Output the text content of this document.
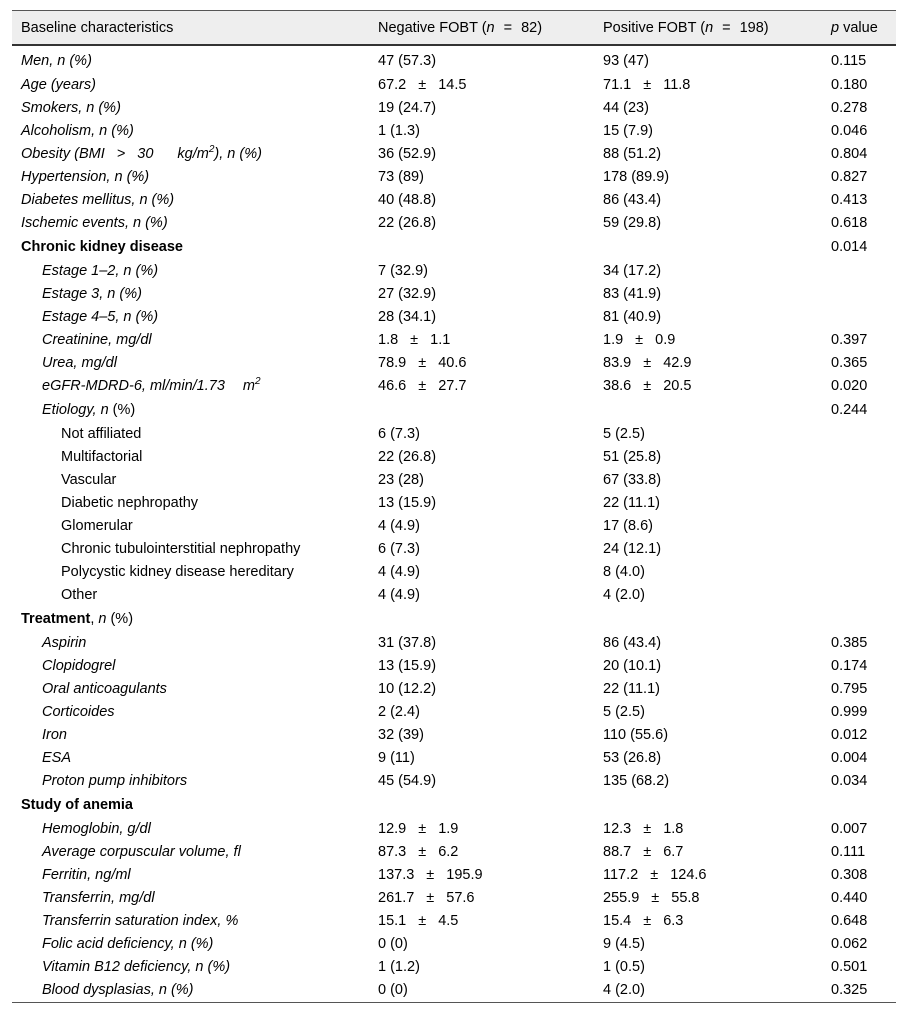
Baseline characteristics	Negative FOBT (n = 82)	Positive FOBT (n = 198)	p value
Men, n (%)	47 (57.3)	93 (47)	0.115
Age (years)	67.2 ± 14.5	71.1 ± 11.8	0.180
Smokers, n (%)	19 (24.7)	44 (23)	0.278
Alcoholism, n (%)	1 (1.3)	15 (7.9)	0.046
Obesity (BMI > 30 $kg/m^2$), n (%)	36 (52.9)	88 (51.2)	0.804
Hypertension, n (%)	73 (89)	178 (89.9)	0.827
Diabetes mellitus, n (%)	40 (48.8)	86 (43.4)	0.413
Ischemic events, n (%)	22 (26.8)	59 (29.8)	0.618
Chronic kidney disease			0.014
Estage 1–2, n (%)	7 (32.9)	34 (17.2)	
Estage 3, n (%)	27 (32.9)	83 (41.9)	
Estage 4–5, n (%)	28 (34.1)	81 (40.9)	
Creatinine, mg/dl	1.8 ± 1.1	1.9 ± 0.9	0.397
Urea, mg/dl	78.9 ± 40.6	83.9 ± 42.9	0.365
eGFR-MDRD-6, ml/min/1.73 $m^2$	46.6 ± 27.7	38.6 ± 20.5	0.020
Etiology, n (%)			0.244
Not affiliated	6 (7.3)	5 (2.5)	
Multifactorial	22 (26.8)	51 (25.8)	
Vascular	23 (28)	67 (33.8)	
Diabetic nephropathy	13 (15.9)	22 (11.1)	
Glomerular	4 (4.9)	17 (8.6)	
Chronic tubulointerstitial nephropathy	6 (7.3)	24 (12.1)	
Polycystic kidney disease hereditary	4 (4.9)	8 (4.0)	
Other	4 (4.9)	4 (2.0)	
Treatment, n (%)			
Aspirin	31 (37.8)	86 (43.4)	0.385
Clopidogrel	13 (15.9)	20 (10.1)	0.174
Oral anticoagulants	10 (12.2)	22 (11.1)	0.795
Corticoides	2 (2.4)	5 (2.5)	0.999
Iron	32 (39)	110 (55.6)	0.012
ESA	9 (11)	53 (26.8)	0.004
Proton pump inhibitors	45 (54.9)	135 (68.2)	0.034
Study of anemia			
Hemoglobin, g/dl	12.9 ± 1.9	12.3 ± 1.8	0.007
Average corpuscular volume, fl	87.3 ± 6.2	88.7 ± 6.7	0.111
Ferritin, ng/ml	137.3 ± 195.9	117.2 ± 124.6	0.308
Transferrin, mg/dl	261.7 ± 57.6	255.9 ± 55.8	0.440
Transferrin saturation index, %	15.1 ± 4.5	15.4 ± 6.3	0.648
Folic acid deficiency, n (%)	0 (0)	9 (4.5)	0.062
Vitamin B12 deficiency, n (%)	1 (1.2)	1 (0.5)	0.501
Blood dysplasias, n (%)	0 (0)	4 (2.0)	0.325
